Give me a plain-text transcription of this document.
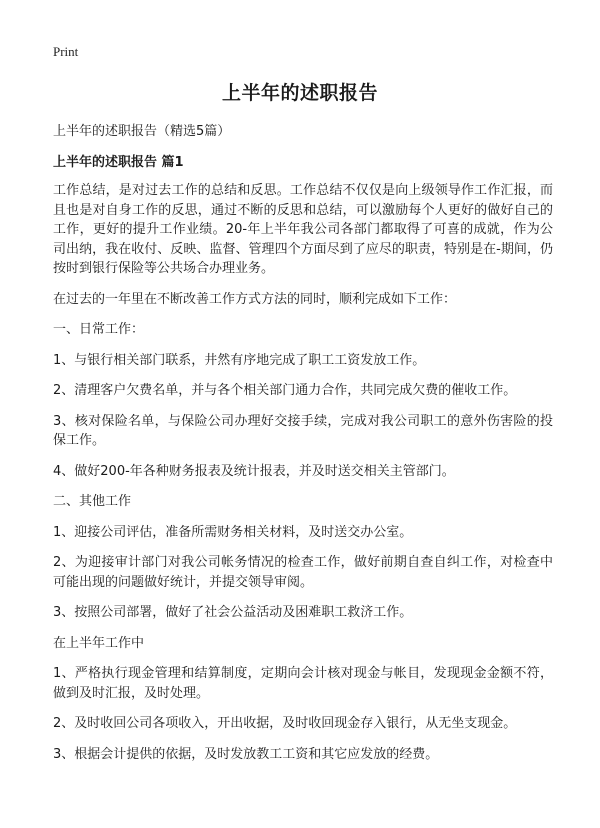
Print
上半年的述职报告
上半年的述职报告（精选5篇）
上半年的述职报告 篇1

工作总结，是对过去工作的总结和反思。工作总结不仅仅是向上级领导作工作汇报，而且也是对自身工作的反思，通过不断的反思和总结，可以激励每个人更好的做好自己的工作，更好的提升工作业绩。20-年上半年我公司各部门都取得了可喜的成就，作为公司出纳，我在收付、反映、监督、管理四个方面尽到了应尽的职责，特别是在-期间，仍按时到银行保险等公共场合办理业务。

在过去的一年里在不断改善工作方式方法的同时，顺利完成如下工作：

一、日常工作：

1、与银行相关部门联系，井然有序地完成了职工工资发放工作。

2、清理客户欠费名单，并与各个相关部门通力合作，共同完成欠费的催收工作。

3、核对保险名单，与保险公司办理好交接手续，完成对我公司职工的意外伤害险的投保工作。

4、做好200-年各种财务报表及统计报表，并及时送交相关主管部门。

二、其他工作

1、迎接公司评估，准备所需财务相关材料，及时送交办公室。

2、为迎接审计部门对我公司帐务情况的检查工作，做好前期自查自纠工作，对检查中可能出现的问题做好统计，并提交领导审阅。

3、按照公司部署，做好了社会公益活动及困难职工救济工作。

在上半年工作中

1、严格执行现金管理和结算制度，定期向会计核对现金与帐目，发现现金金额不符，做到及时汇报，及时处理。

2、及时收回公司各项收入，开出收据，及时收回现金存入银行，从无坐支现金。

3、根据会计提供的依据，及时发放教工工资和其它应发放的经费。
